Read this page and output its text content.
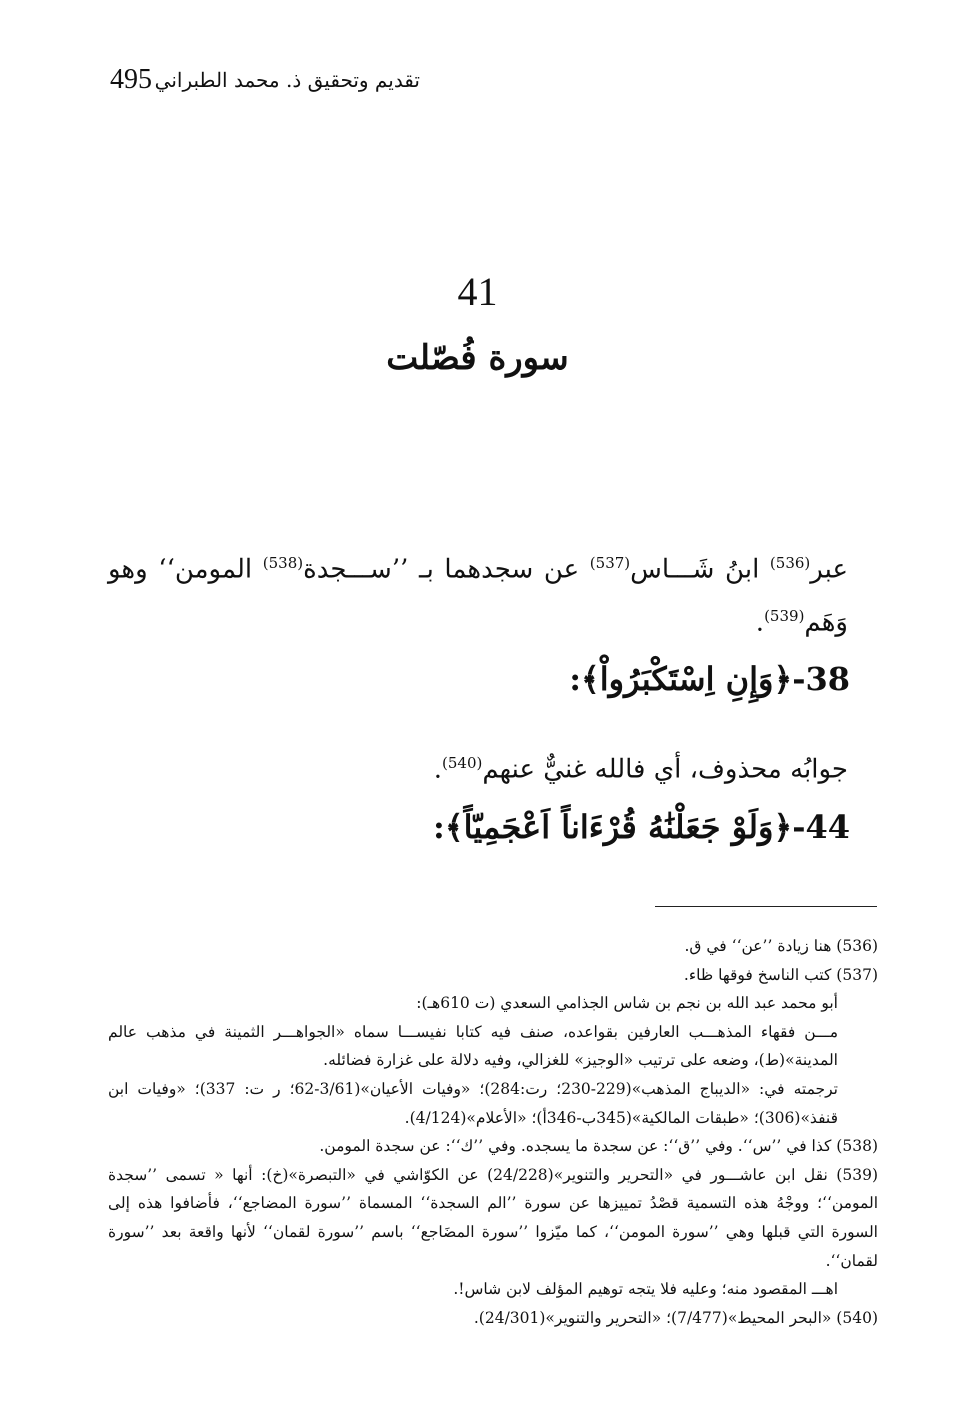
495 تقديم وتحقيق ذ. محمد الطبراني
41
سورة فُصّلت
عبر$^{(536)}$ ابنُ شَـــاس$^{(537)}$ عن سجدهما بـ ’’ســـجدة$^{(538)}$ المومن‘‘ وهو وَهَم$^{(539)}$.
38-﴿وَإِنِ اِسْتَكْبَرُواْ﴾:
جوابُه محذوف، أي فالله غنيٌّ عنهم$^{(540)}$.
44-﴿وَلَوْ جَعَلْنَٰهُ قُرْءَاناً اَعْجَمِيّاً﴾:

(536) هنا زيادة ’’عن‘‘ في ق.

(537) كتب الناسخ فوقها ظاء.

أبو محمد عبد الله بن نجم بن شاس الجذامي السعدي (ت 610هـ):

مـــن فقهاء المذهـــب العارفين بقواعده، صنف فيه كتابا نفيســـا سماه «الجواهـــر الثمينة في مذهب عالم المدينة»(ط)، وضعه على ترتيب «الوجيز» للغزالي، وفيه دلالة على غزارة فضائله.

ترجمته في: «الديباج المذهب»(229-230؛ رت:284)؛ «وفيات الأعيان»(3/61-62؛ ر ت: 337)؛ «وفيات ابن قنفذ»(306)؛ «طبقات المالكية»(345ب-346أ)؛ «الأعلام»(4/124).

(538) كذا في ’’س‘‘. وفي ’’ق‘‘: عن سجدة ما يسجده. وفي ’’ك‘‘: عن سجدة المومن.

(539) نقل ابن عاشـــور في «التحرير والتنوير»(24/228) عن الكوّاشي في «التبصرة»(خ): أنها « تسمى ’’سجدة المومن‘‘؛ ووجْهُ هذه التسمية قصْدُ تمييزها عن سورة ’’الم السجدة‘‘ المسماة ’’سورة المضاجع‘‘، فأضافوا هذه إلى السورة التي قبلها وهي ’’سورة المومن‘‘، كما ميّزوا ’’سورة المضَاجع‘‘ باسم ’’سورة لقمان‘‘ لأنها واقعة بعد ’’سورة لقمان‘‘.

اهـــ المقصود منه؛ وعليه فلا يتجه توهيم المؤلف لابن شاس!.

(540) «البحر المحيط»(7/477)؛ «التحرير والتنوير»(24/301).
